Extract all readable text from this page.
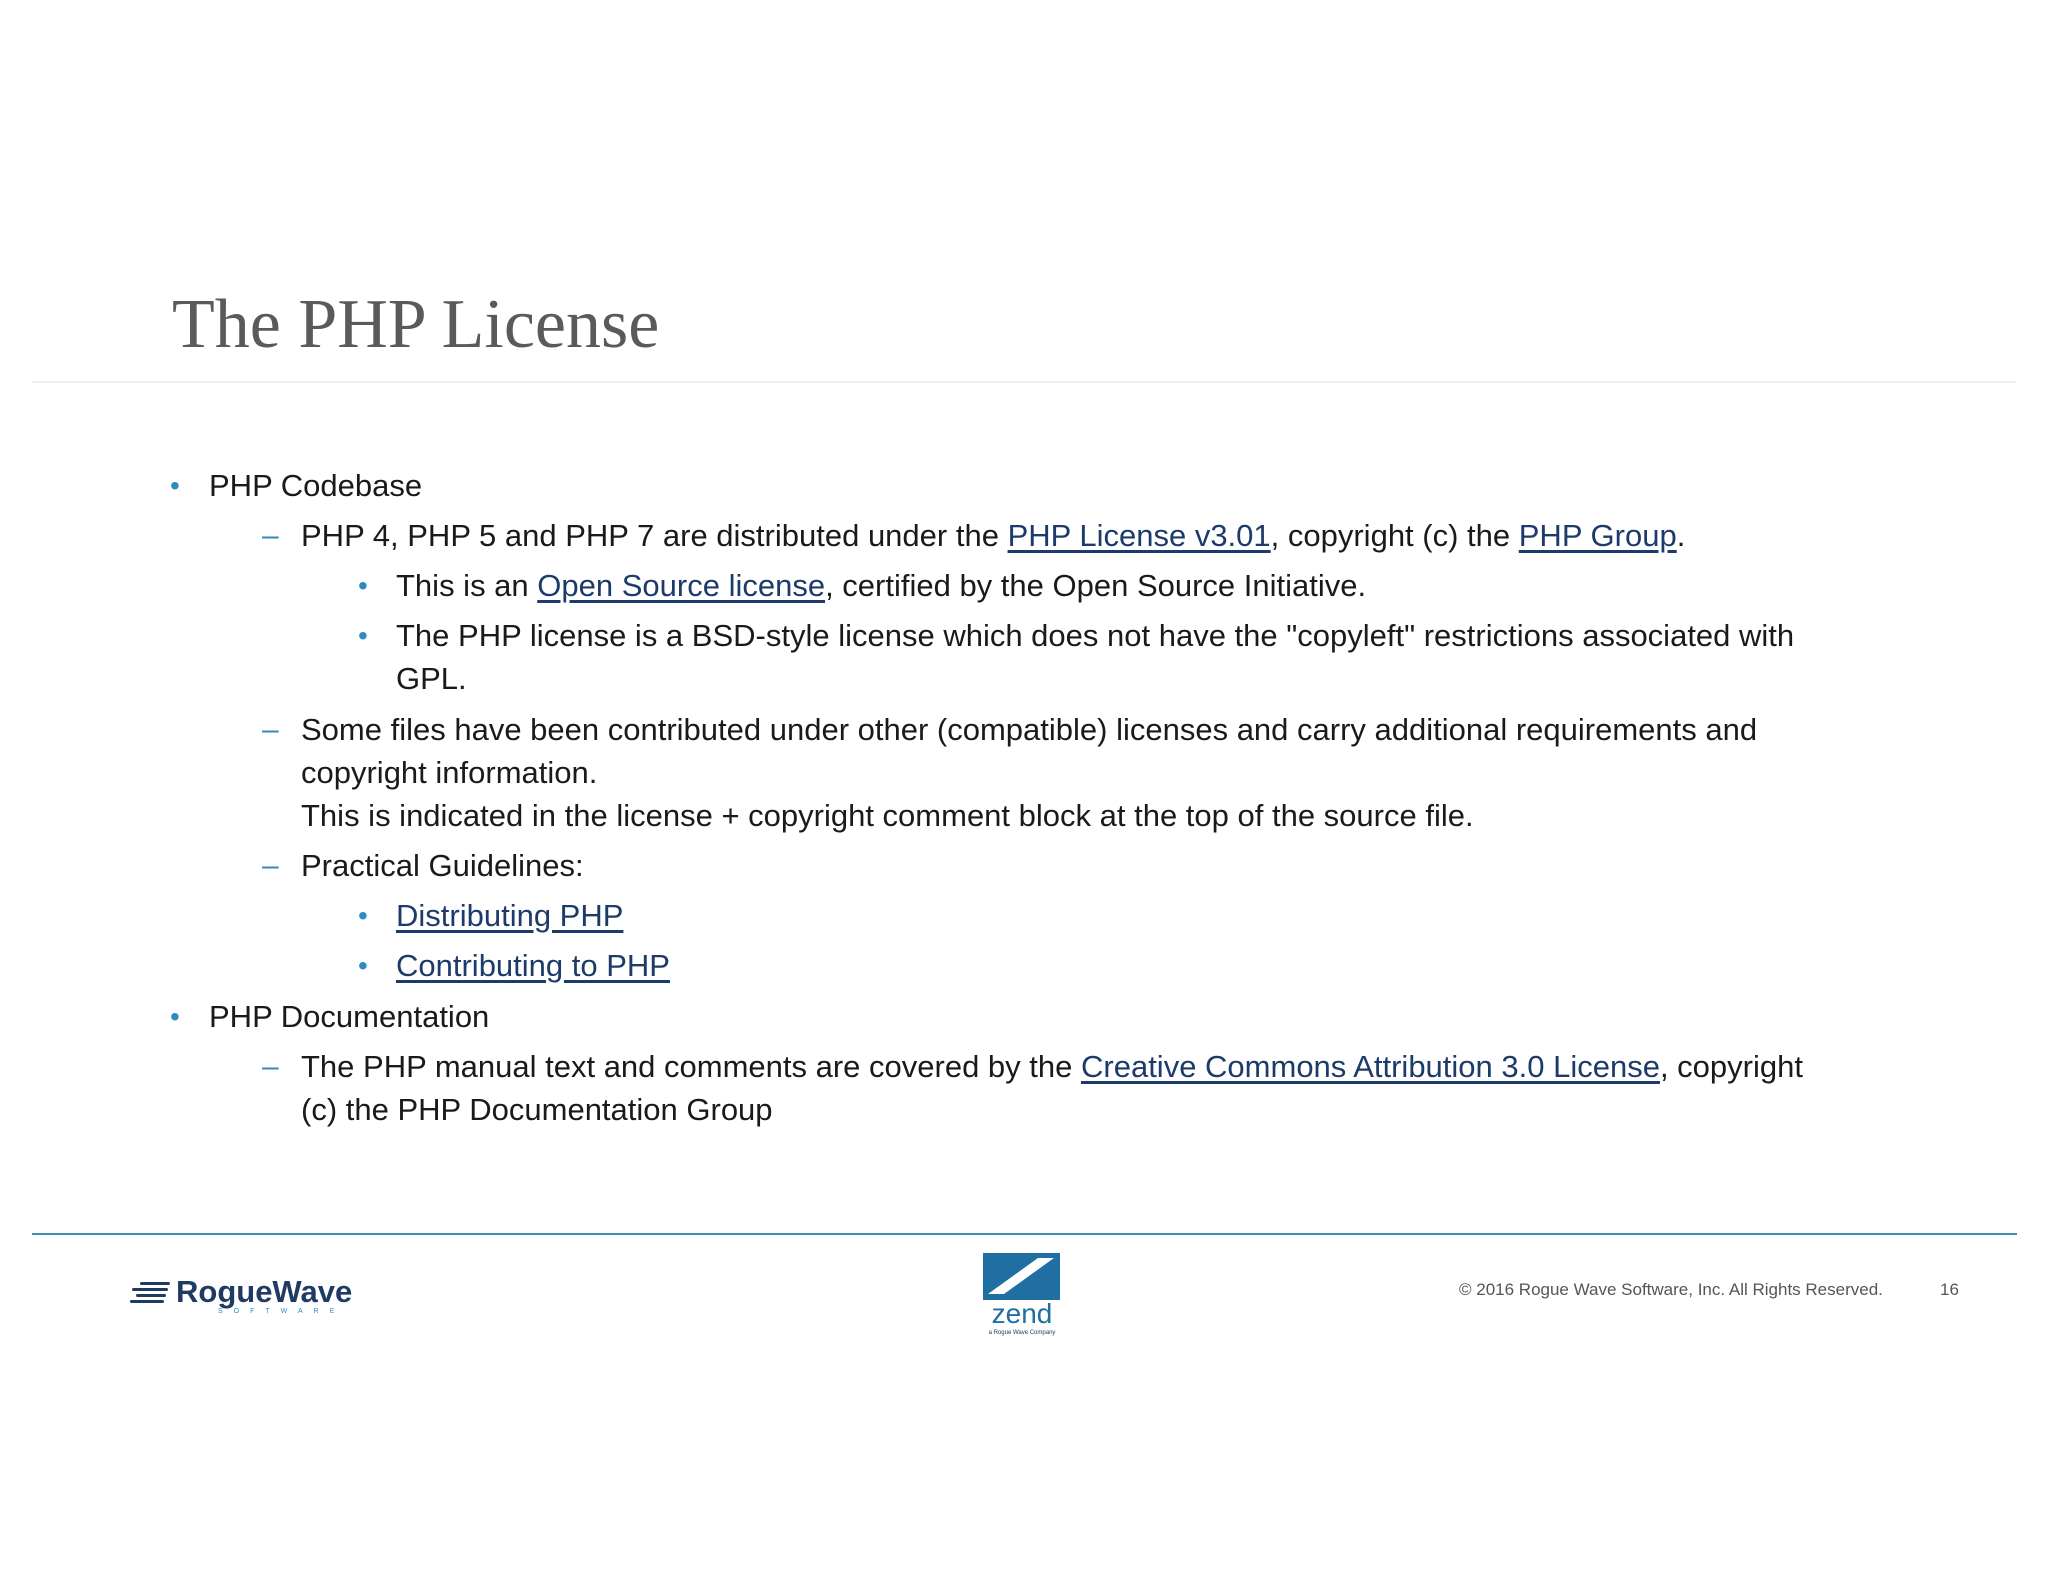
The PHP License
• PHP Codebase
– PHP 4, PHP 5 and PHP 7 are distributed under the PHP License v3.01, copyright (c) the PHP Group.
• This is an Open Source license, certified by the Open Source Initiative.
• The PHP license is a BSD-style license which does not have the "copyleft" restrictions associated with
GPL.
– Some files have been contributed under other (compatible) licenses and carry additional requirements and
copyright information.
This is indicated in the license + copyright comment block at the top of the source file.
– Practical Guidelines:
• Distributing PHP
• Contributing to PHP
• PHP Documentation
– The PHP manual text and comments are covered by the Creative Commons Attribution 3.0 License, copyright
(c) the PHP Documentation Group
RogueWave
SOFTWARE	zend
a Rogue Wave Company
© 2016 Rogue Wave Software, Inc. All Rights Reserved.	16
